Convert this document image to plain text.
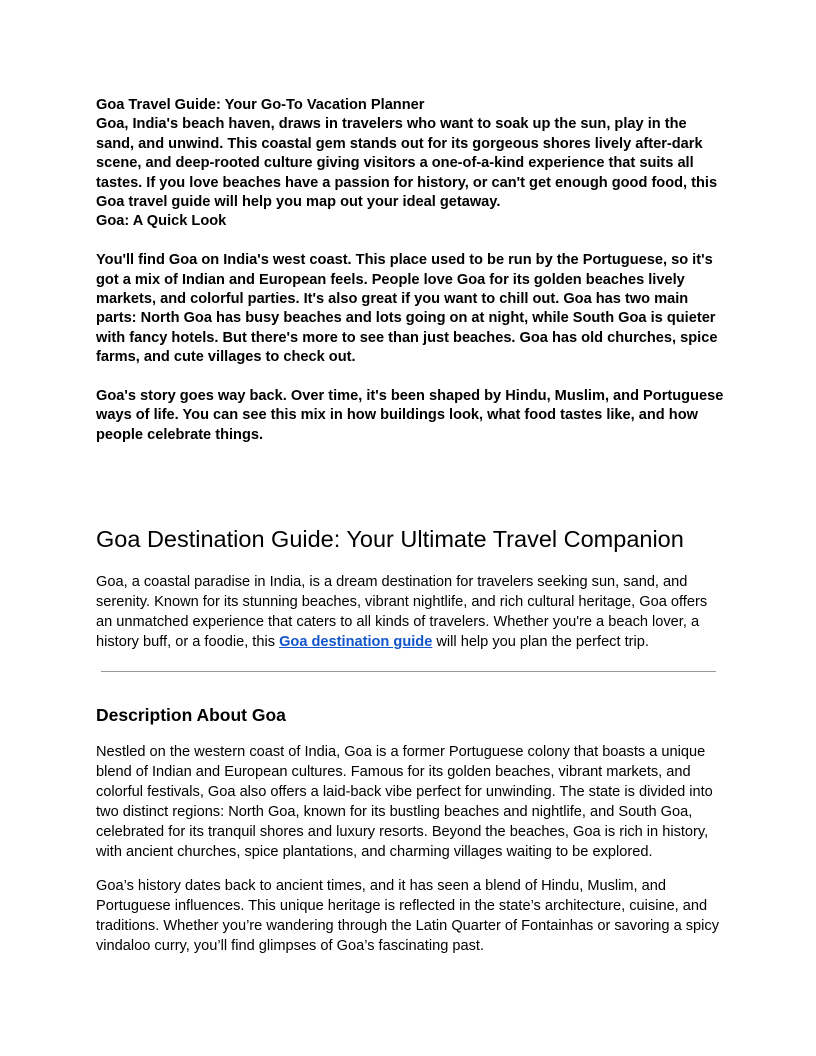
Goa Travel Guide: Your Go-To Vacation Planner

Goa, India's beach haven, draws in travelers who want to soak up the sun, play in the sand, and unwind. This coastal gem stands out for its gorgeous shores lively after-dark scene, and deep-rooted culture giving visitors a one-of-a-kind experience that suits all tastes. If you love beaches have a passion for history, or can't get enough good food, this Goa travel guide will help you map out your ideal getaway.

Goa: A Quick Look

You'll find Goa on India's west coast. This place used to be run by the Portuguese, so it's got a mix of Indian and European feels. People love Goa for its golden beaches lively markets, and colorful parties. It's also great if you want to chill out. Goa has two main parts: North Goa has busy beaches and lots going on at night, while South Goa is quieter with fancy hotels. But there's more to see than just beaches. Goa has old churches, spice farms, and cute villages to check out.

Goa's story goes way back. Over time, it's been shaped by Hindu, Muslim, and Portuguese ways of life. You can see this mix in how buildings look, what food tastes like, and how people celebrate things.

Goa Destination Guide: Your Ultimate Travel Companion

Goa, a coastal paradise in India, is a dream destination for travelers seeking sun, sand, and serenity. Known for its stunning beaches, vibrant nightlife, and rich cultural heritage, Goa offers an unmatched experience that caters to all kinds of travelers. Whether you're a beach lover, a history buff, or a foodie, this Goa destination guide will help you plan the perfect trip.

Description About Goa

Nestled on the western coast of India, Goa is a former Portuguese colony that boasts a unique blend of Indian and European cultures. Famous for its golden beaches, vibrant markets, and colorful festivals, Goa also offers a laid-back vibe perfect for unwinding. The state is divided into two distinct regions: North Goa, known for its bustling beaches and nightlife, and South Goa, celebrated for its tranquil shores and luxury resorts. Beyond the beaches, Goa is rich in history, with ancient churches, spice plantations, and charming villages waiting to be explored.

Goa’s history dates back to ancient times, and it has seen a blend of Hindu, Muslim, and Portuguese influences. This unique heritage is reflected in the state’s architecture, cuisine, and traditions. Whether you’re wandering through the Latin Quarter of Fontainhas or savoring a spicy vindaloo curry, you’ll find glimpses of Goa’s fascinating past.
